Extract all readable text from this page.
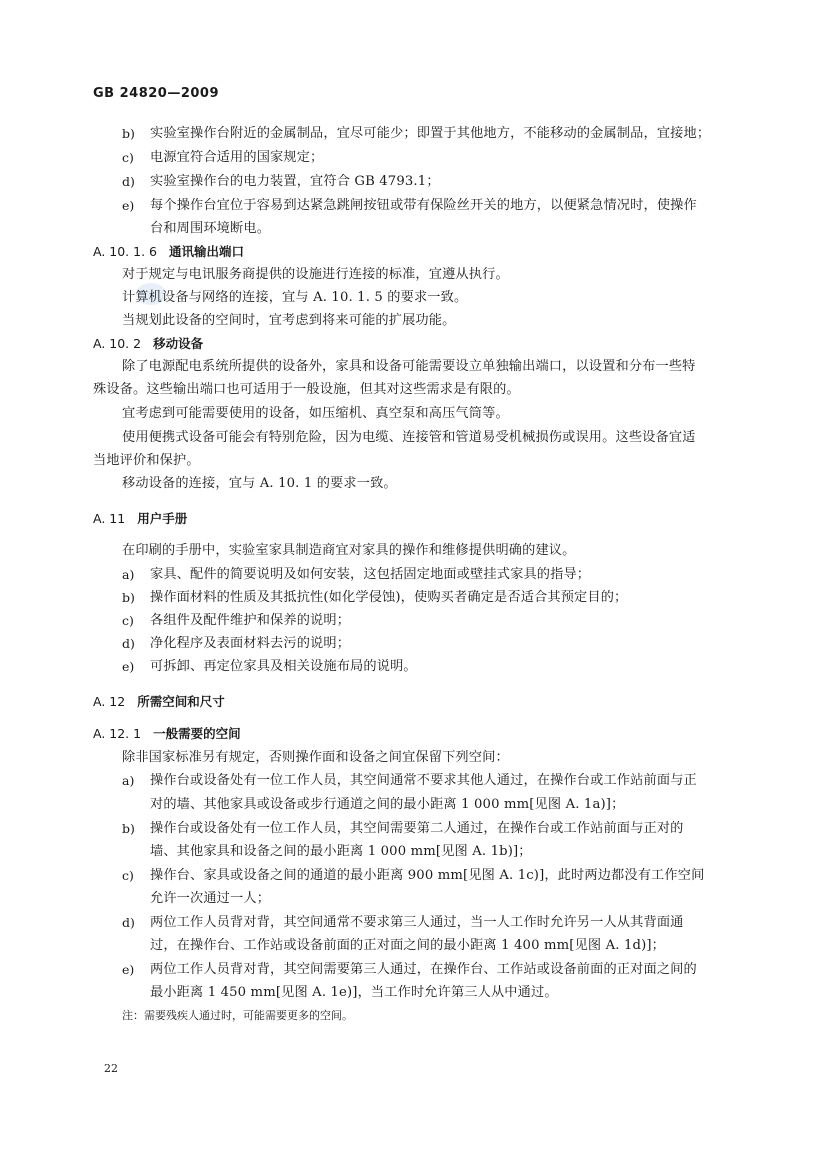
GB 24820—2009
b) 实验室操作台附近的金属制品，宜尽可能少；即置于其他地方，不能移动的金属制品，宜接地；
c) 电源宜符合适用的国家规定；
d) 实验室操作台的电力装置，宜符合 GB 4793.1；
e) 每个操作台宜位于容易到达紧急跳闸按钮或带有保险丝开关的地方，以便紧急情况时，使操作
台和周围环境断电。
A. 10. 1. 6 通讯输出端口
对于规定与电讯服务商提供的设施进行连接的标准，宜遵从执行。
计算机设备与网络的连接，宜与 A. 10. 1. 5 的要求一致。
当规划此设备的空间时，宜考虑到将来可能的扩展功能。
A. 10. 2 移动设备
除了电源配电系统所提供的设备外，家具和设备可能需要设立单独输出端口，以设置和分布一些特
殊设备。这些输出端口也可适用于一般设施，但其对这些需求是有限的。
宜考虑到可能需要使用的设备，如压缩机、真空泵和高压气筒等。
使用便携式设备可能会有特别危险，因为电缆、连接管和管道易受机械损伤或误用。这些设备宜适
当地评价和保护。
移动设备的连接，宜与 A. 10. 1 的要求一致。
A. 11 用户手册
在印刷的手册中，实验室家具制造商宜对家具的操作和维修提供明确的建议。
a) 家具、配件的简要说明及如何安装，这包括固定地面或壁挂式家具的指导；
b) 操作面材料的性质及其抵抗性(如化学侵蚀)，使购买者确定是否适合其预定目的；
c) 各组件及配件维护和保养的说明；
d) 净化程序及表面材料去污的说明；
e) 可拆卸、再定位家具及相关设施布局的说明。
A. 12 所需空间和尺寸
A. 12. 1 一般需要的空间
除非国家标准另有规定，否则操作面和设备之间宜保留下列空间：
a) 操作台或设备处有一位工作人员，其空间通常不要求其他人通过，在操作台或工作站前面与正
对的墙、其他家具或设备或步行通道之间的最小距离 1 000 mm[见图 A. 1a)]；
b) 操作台或设备处有一位工作人员，其空间需要第二人通过，在操作台或工作站前面与正对的
墙、其他家具和设备之间的最小距离 1 000 mm[见图 A. 1b)]；
c) 操作台、家具或设备之间的通道的最小距离 900 mm[见图 A. 1c)]，此时两边都没有工作空间
允许一次通过一人；
d) 两位工作人员背对背，其空间通常不要求第三人通过，当一人工作时允许另一人从其背面通
过，在操作台、工作站或设备前面的正对面之间的最小距离 1 400 mm[见图 A. 1d)]；
e) 两位工作人员背对背，其空间需要第三人通过，在操作台、工作站或设备前面的正对面之间的
最小距离 1 450 mm[见图 A. 1e)]，当工作时允许第三人从中通过。
注：需要残疾人通过时，可能需要更多的空间。
22
